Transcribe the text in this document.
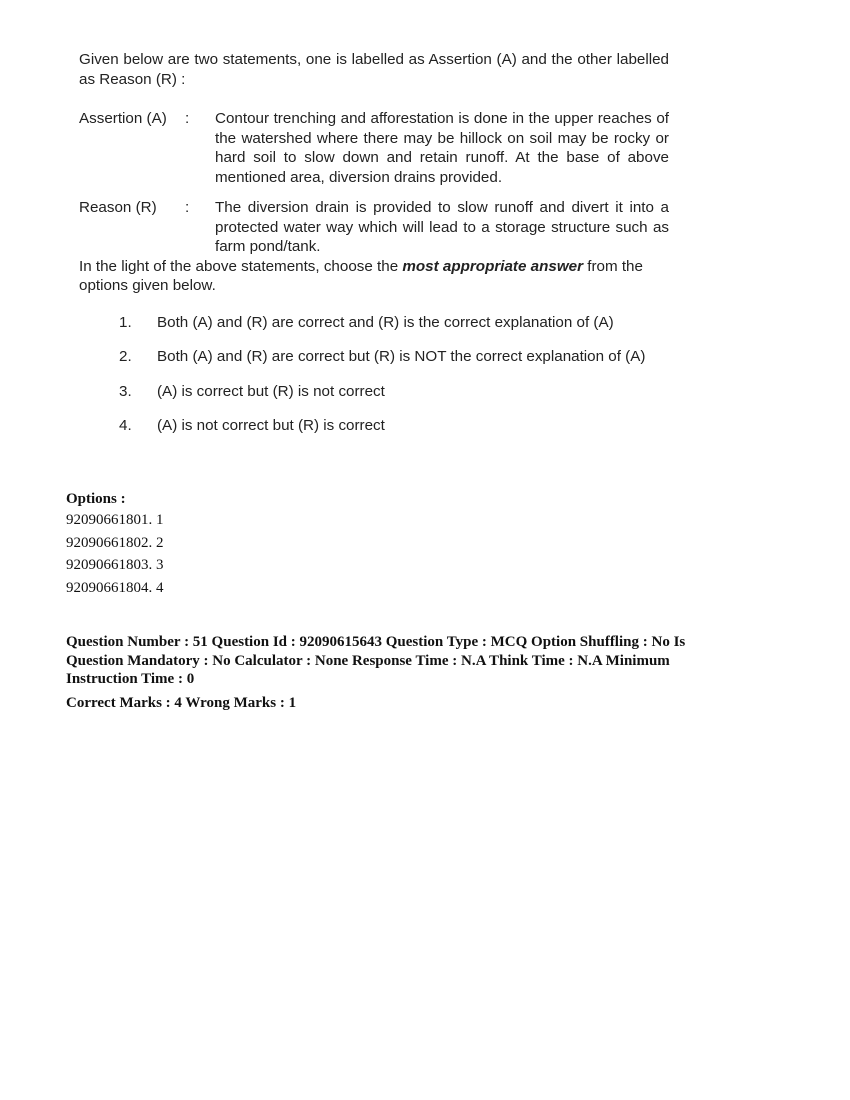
Given below are two statements, one is labelled as Assertion (A) and the other labelled as Reason (R) :

Assertion (A)	:	Contour trenching and afforestation is done in the upper reaches of the watershed where there may be hillock on soil may be rocky or hard soil to slow down and retain runoff. At the base of above mentioned area, diversion drains provided.
Reason (R)	:	The diversion drain is provided to slow runoff and divert it into a protected water way which will lead to a storage structure such as farm pond/tank.

In the light of the above statements, choose the most appropriate answer from the options given below.

1.	Both (A) and (R) are correct and (R) is the correct explanation of (A)
2.	Both (A) and (R) are correct but (R) is NOT the correct explanation of (A)
3.	(A) is correct but (R) is not correct
4.	(A) is not correct but (R) is correct
Options :
92090661801. 1
92090661802. 2
92090661803. 3
92090661804. 4
Question Number : 51 Question Id : 92090615643 Question Type : MCQ Option Shuffling : No Is
Question Mandatory : No Calculator : None Response Time : N.A Think Time : N.A Minimum
Instruction Time : 0
Correct Marks : 4 Wrong Marks : 1
